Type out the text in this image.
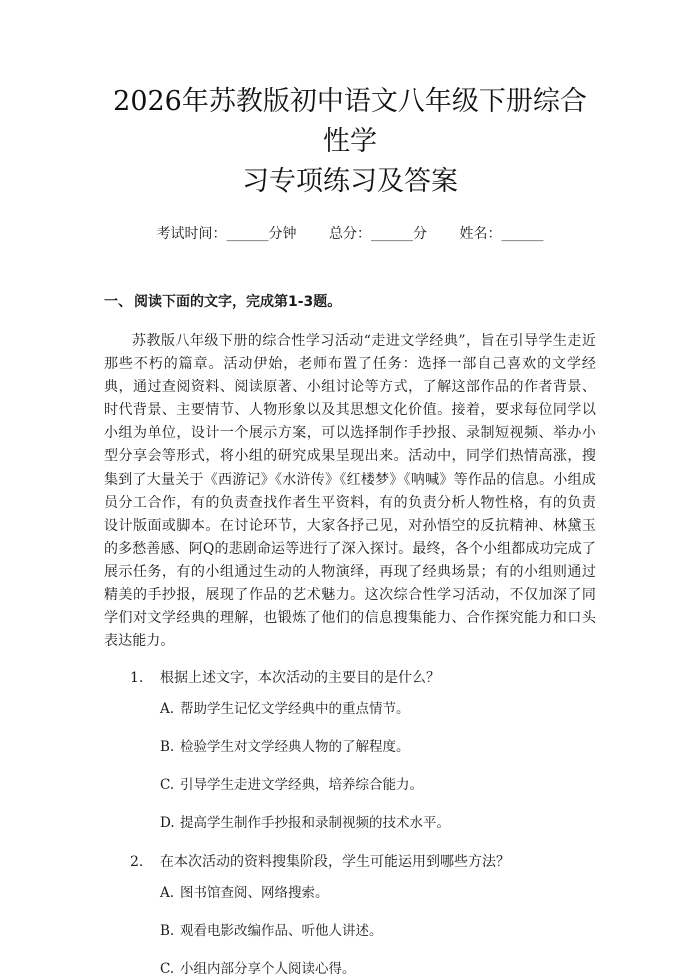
2026年苏教版初中语文八年级下册综合性学
习专项练习及答案
考试时间：______分钟 总分：______分 姓名：______
一、 阅读下面的文字，完成第1-3题。

苏教版八年级下册的综合性学习活动“走进文学经典”，旨在引导学生走近那些不朽的篇章。活动伊始，老师布置了任务：选择一部自己喜欢的文学经典，通过查阅资料、阅读原著、小组讨论等方式，了解这部作品的作者背景、时代背景、主要情节、人物形象以及其思想文化价值。接着，要求每位同学以小组为单位，设计一个展示方案，可以选择制作手抄报、录制短视频、举办小型分享会等形式，将小组的研究成果呈现出来。活动中，同学们热情高涨，搜集到了大量关于《西游记》《水浒传》《红楼梦》《呐喊》等作品的信息。小组成员分工合作，有的负责查找作者生平资料，有的负责分析人物性格，有的负责设计版面或脚本。在讨论环节，大家各抒己见，对孙悟空的反抗精神、林黛玉的多愁善感、阿Q的悲剧命运等进行了深入探讨。最终，各个小组都成功完成了展示任务，有的小组通过生动的人物演绎，再现了经典场景；有的小组则通过精美的手抄报，展现了作品的艺术魅力。这次综合性学习活动，不仅加深了同学们对文学经典的理解，也锻炼了他们的信息搜集能力、合作探究能力和口头表达能力。

1. 根据上述文字，本次活动的主要目的是什么？
A. 帮助学生记忆文学经典中的重点情节。
B. 检验学生对文学经典人物的了解程度。
C. 引导学生走进文学经典，培养综合能力。
D. 提高学生制作手抄报和录制视频的技术水平。
2. 在本次活动的资料搜集阶段，学生可能运用到哪些方法？
A. 图书馆查阅、网络搜索。
B. 观看电影改编作品、听他人讲述。
C. 小组内部分享个人阅读心得。
